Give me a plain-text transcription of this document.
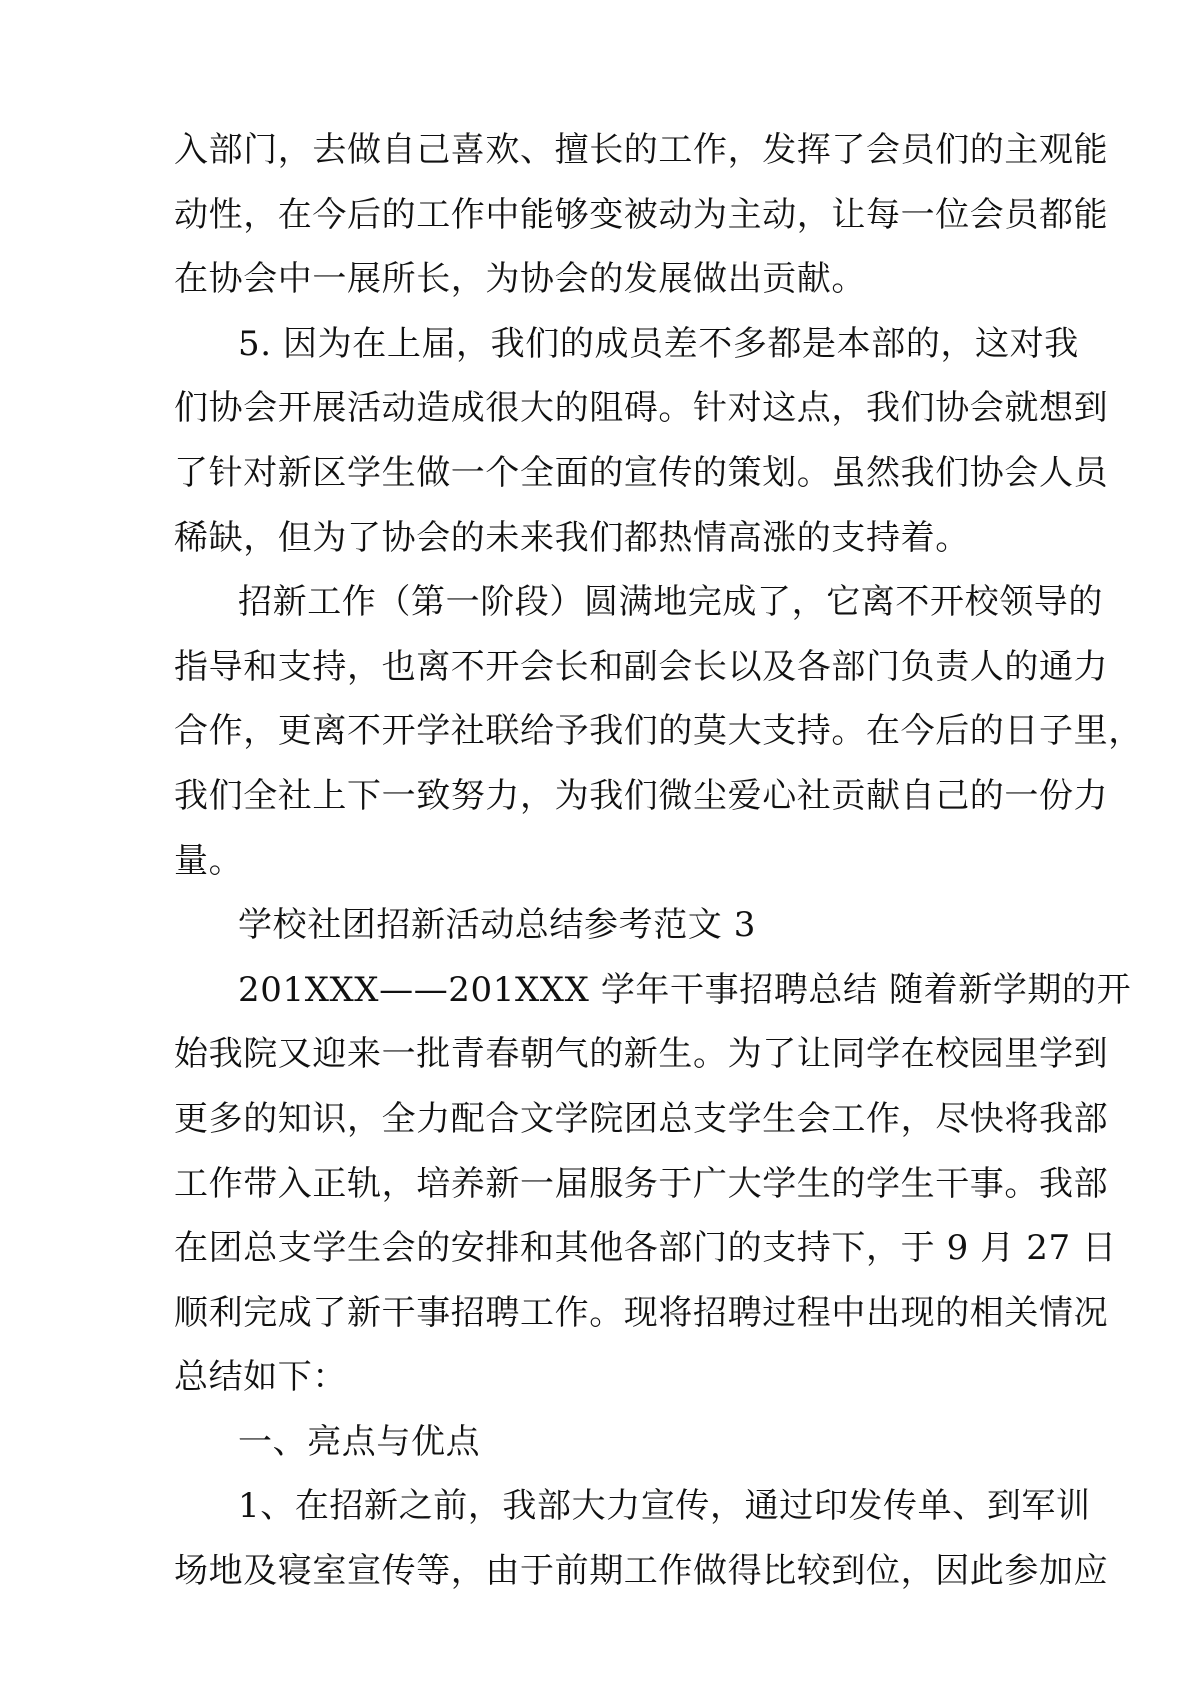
入部门，去做自己喜欢、擅长的工作，发挥了会员们的主观能
动性，在今后的工作中能够变被动为主动，让每一位会员都能
在协会中一展所长，为协会的发展做出贡献。
5. 因为在上届，我们的成员差不多都是本部的，这对我
们协会开展活动造成很大的阻碍。针对这点，我们协会就想到
了针对新区学生做一个全面的宣传的策划。虽然我们协会人员
稀缺，但为了协会的未来我们都热情高涨的支持着。
招新工作（第一阶段）圆满地完成了，它离不开校领导的
指导和支持，也离不开会长和副会长以及各部门负责人的通力
合作，更离不开学社联给予我们的莫大支持。在今后的日子里，
我们全社上下一致努力，为我们微尘爱心社贡献自己的一份力
量。
学校社团招新活动总结参考范文 3
201XXX——201XXX 学年干事招聘总结 随着新学期的开
始我院又迎来一批青春朝气的新生。为了让同学在校园里学到
更多的知识，全力配合文学院团总支学生会工作，尽快将我部
工作带入正轨，培养新一届服务于广大学生的学生干事。我部
在团总支学生会的安排和其他各部门的支持下，于 9 月 27 日
顺利完成了新干事招聘工作。现将招聘过程中出现的相关情况
总结如下：
一、亮点与优点
1、在招新之前，我部大力宣传，通过印发传单、到军训
场地及寝室宣传等，由于前期工作做得比较到位，因此参加应
